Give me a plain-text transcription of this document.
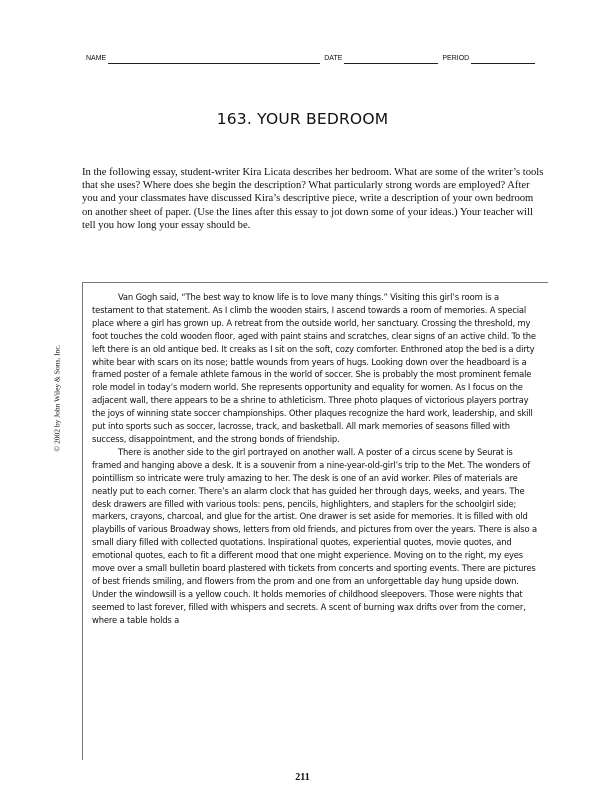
NAME	DATE	PERIOD
163. YOUR BEDROOM

In the following essay, student-writer Kira Licata describes her bedroom. What are some of the writer’s tools that she uses? Where does she begin the description? What particularly strong words are employed? After you and your classmates have discussed Kira’s descriptive piece, write a description of your own bedroom on another sheet of paper. (Use the lines after this essay to jot down some of your ideas.) Your teacher will tell you how long your essay should be.

© 2002 by John Wiley & Sons, Inc.

Van Gogh said, “The best way to know life is to love many things.” Visiting this girl’s room is a testament to that statement. As I climb the wooden stairs, I ascend towards a room of memories. A special place where a girl has grown up. A retreat from the outside world, her sanctuary. Crossing the threshold, my foot touches the cold wooden floor, aged with paint stains and scratches, clear signs of an active child. To the left there is an old antique bed. It creaks as I sit on the soft, cozy comforter. Enthroned atop the bed is a dirty white bear with scars on its nose; battle wounds from years of hugs. Looking down over the headboard is a framed poster of a female athlete famous in the world of soccer. She is probably the most prominent female role model in today’s modern world. She represents opportunity and equality for women. As I focus on the adjacent wall, there appears to be a shrine to athleticism. Three photo plaques of victorious players portray the joys of winning state soccer championships. Other plaques recognize the hard work, leadership, and skill put into sports such as soccer, lacrosse, track, and basketball. All mark memories of seasons filled with success, disappointment, and the strong bonds of friendship.

There is another side to the girl portrayed on another wall. A poster of a circus scene by Seurat is framed and hanging above a desk. It is a souvenir from a nine-year-old-girl’s trip to the Met. The wonders of pointillism so intricate were truly amazing to her. The desk is one of an avid worker. Piles of materials are neatly put to each corner. There’s an alarm clock that has guided her through days, weeks, and years. The desk drawers are filled with various tools: pens, pencils, highlighters, and staplers for the schoolgirl side; markers, crayons, charcoal, and glue for the artist. One drawer is set aside for memories. It is filled with old playbills of various Broadway shows, letters from old friends, and pictures from over the years. There is also a small diary filled with collected quotations. Inspirational quotes, experiential quotes, movie quotes, and emotional quotes, each to fit a different mood that one might experience. Moving on to the right, my eyes move over a small bulletin board plastered with tickets from concerts and sporting events. There are pictures of best friends smiling, and flowers from the prom and one from an unforgettable day hung upside down. Under the windowsill is a yellow couch. It holds memories of childhood sleepovers. Those were nights that seemed to last forever, filled with whispers and secrets. A scent of burning wax drifts over from the corner, where a table holds a

211
